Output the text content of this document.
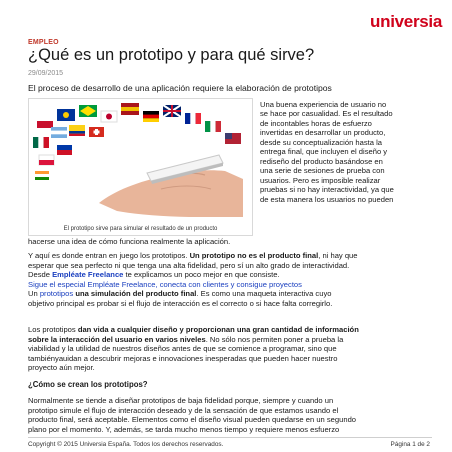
universia
EMPLEO
¿Qué es un prototipo y para qué sirve?
29/09/2015
El proceso de desarrollo de una aplicación requiere la elaboración de prototipos
El prototipo sirve para simular el resultado de un producto
Una buena experiencia de usuario no
se hace por casualidad. Es el resultado
de incontables horas de esfuerzo
invertidas en desarrollar un producto,
desde su conceptualización hasta la
entrega final, que incluyen el diseño y
rediseño del producto basándose en
una serie de sesiones de prueba con
usuarios. Pero es imposible realizar
pruebas si no hay interactividad, ya que
de esta manera los usuarios no pueden
hacerse una idea de cómo funciona realmente la aplicación.
Y aquí es donde entran en juego los prototipos. Un prototipo no es el producto final, ni hay que
esperar que sea perfecto ni que tenga una alta fidelidad, pero sí un alto grado de interactividad.
Desde Empléate Freelance te explicamos un poco mejor en que consiste.
Sigue el especial Empléate Freelance, conecta con clientes y consigue proyectos
Un prototipos una simulación del producto final. Es como una maqueta interactiva cuyo
objetivo principal es probar si el flujo de interacción es el correcto o si hace falta corregirlo.
Los prototipos dan vida a cualquier diseño y proporcionan una gran cantidad de información
sobre la interacción del usuario en varios niveles. No sólo nos permiten poner a prueba la
viabilidad y la utilidad de nuestros diseños antes de que se comience a programar, sino que
tambiényauidan a descubrir mejoras e innovaciones inesperadas que pueden hacer nuestro
proyecto aún mejor.
¿Cómo se crean los prototipos?
Normalmente se tiende a diseñar prototipos de baja fidelidad porque, siempre y cuando un
prototipo simule el flujo de interacción deseado y de la sensación de que estamos usando el
producto final, será aceptable. Elementos como el diseño visual pueden quedarse en un segundo
plano por el momento. Y, además, se tarda mucho menos tiempo y requiere menos esfuerzo
Copyright © 2015 Universia España. Todos los derechos reservados.	Página 1 de 2
